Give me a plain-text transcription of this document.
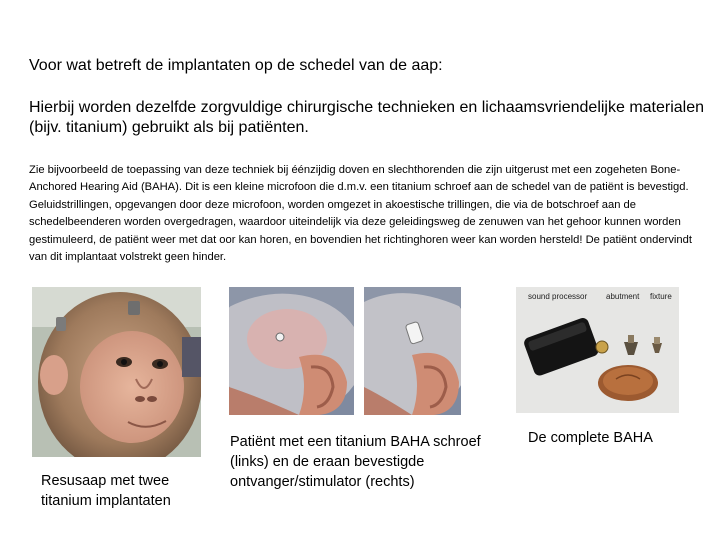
Voor wat betreft de implantaten op de schedel van de aap:

Hierbij worden dezelfde zorgvuldige chirurgische technieken en lichaamsvriendelijke materialen (bijv. titanium) gebruikt als bij patiënten.

Zie bijvoorbeeld de toepassing van deze techniek bij éénzijdig doven en slechthorenden die zijn uitgerust met een zogeheten Bone-Anchored Hearing Aid (BAHA). Dit is een kleine microfoon die d.m.v. een titanium schroef aan de schedel van de patiënt is bevestigd. Geluidstrillingen, opgevangen door deze microfoon, worden omgezet in akoestische trillingen, die via de botschroef aan de schedelbeenderen worden overgedragen, waardoor uiteindelijk via deze geleidingsweg de zenuwen van het gehoor kunnen worden gestimuleerd, de patiënt weer met dat oor kan horen, en bovendien het richtinghoren weer kan worden hersteld! De patiënt ondervindt van dit implantaat volstrekt geen hinder.

sound processor abutment fixture

Resusaap met twee titanium implantaten

Patiënt met een titanium BAHA schroef (links) en de eraan bevestigde ontvanger/stimulator (rechts)

De complete BAHA
